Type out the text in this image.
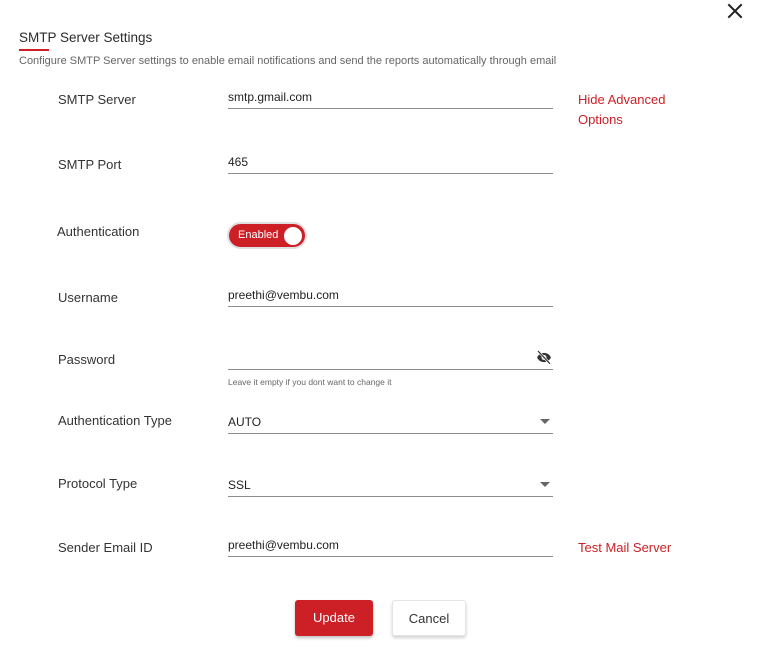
SMTP Server Settings
Configure SMTP Server settings to enable email notifications and send the reports automatically through email
SMTP Server	smtp.gmail.com	Hide Advanced Options
SMTP Port	465
Authentication	Enabled
Username	preethi@vembu.com
Password
Leave it empty if you dont want to change it
Authentication Type	AUTO
Protocol Type	SSL
Sender Email ID	preethi@vembu.com	Test Mail Server
Update	Cancel
